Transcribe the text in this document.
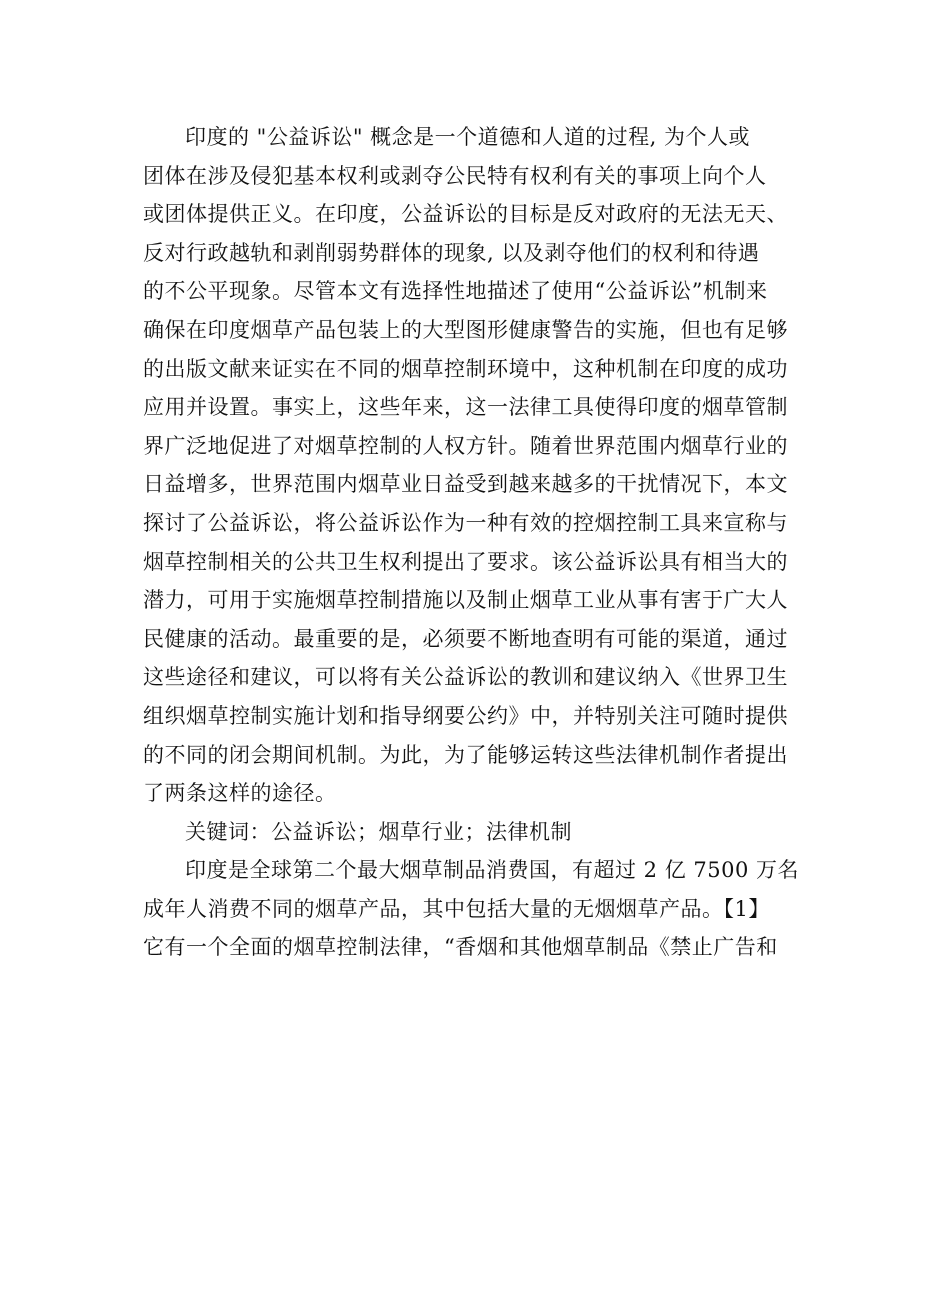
印度的 "公益诉讼" 概念是一个道德和人道的过程, 为个人或
团体在涉及侵犯基本权利或剥夺公民特有权利有关的事项上向个人
或团体提供正义。在印度，公益诉讼的目标是反对政府的无法无天、
反对行政越轨和剥削弱势群体的现象, 以及剥夺他们的权利和待遇
的不公平现象。尽管本文有选择性地描述了使用“公益诉讼”机制来
确保在印度烟草产品包装上的大型图形健康警告的实施，但也有足够
的出版文献来证实在不同的烟草控制环境中，这种机制在印度的成功
应用并设置。事实上，这些年来，这一法律工具使得印度的烟草管制
界广泛地促进了对烟草控制的人权方针。随着世界范围内烟草行业的
日益增多，世界范围内烟草业日益受到越来越多的干扰情况下，本文
探讨了公益诉讼，将公益诉讼作为一种有效的控烟控制工具来宣称与
烟草控制相关的公共卫生权利提出了要求。该公益诉讼具有相当大的
潜力，可用于实施烟草控制措施以及制止烟草工业从事有害于广大人
民健康的活动。最重要的是，必须要不断地查明有可能的渠道，通过
这些途径和建议，可以将有关公益诉讼的教训和建议纳入《世界卫生
组织烟草控制实施计划和指导纲要公约》中，并特别关注可随时提供
的不同的闭会期间机制。为此，为了能够运转这些法律机制作者提出
了两条这样的途径。
关键词：公益诉讼；烟草行业；法律机制
印度是全球第二个最大烟草制品消费国，有超过 2 亿 7500 万名
成年人消费不同的烟草产品，其中包括大量的无烟烟草产品。【1】
它有一个全面的烟草控制法律，“香烟和其他烟草制品《禁止广告和
